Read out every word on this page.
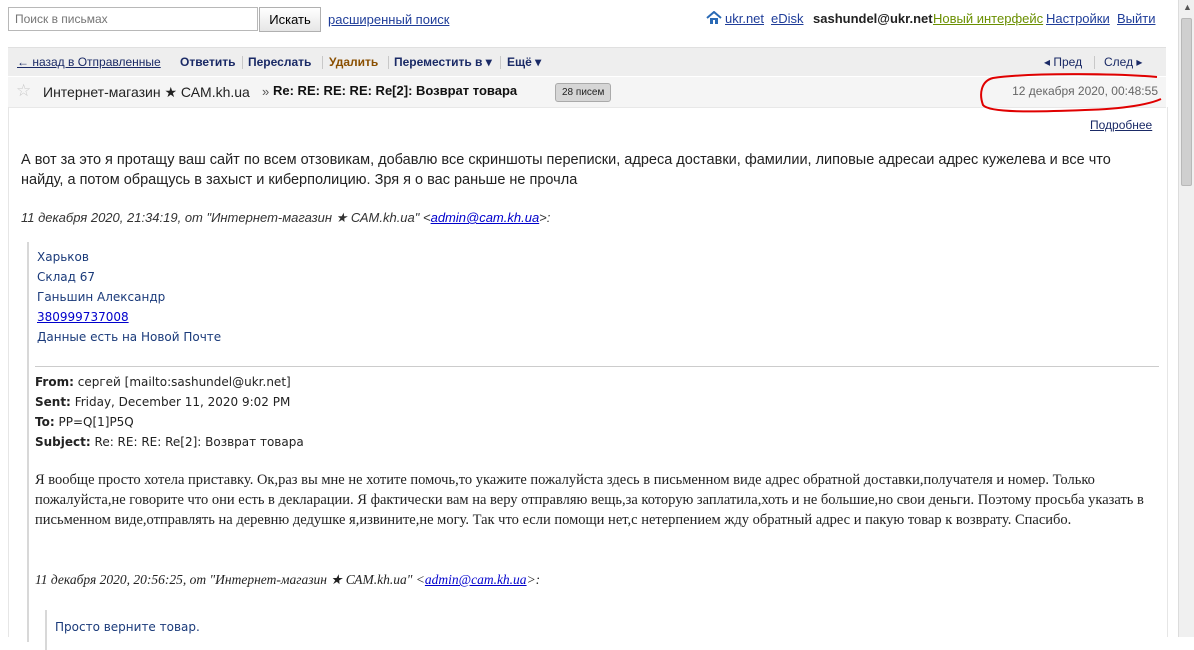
Поиск в письмах
Искать	расширенный поиск	ukr.net eDisk sashundel@ukr.net Новый интерфейс Настройки Выйти
← назад в Отправленные Ответить Переслать Удалить Переместить в ▾ Ещё ▾	◂ Пред След ▸
☆ Интернет-магазин ★ САМ.kh.ua » Re: RE: RE: RE: Re[2]: Возврат товара	28 писем	12 декабря 2020, 00:48:55
Подробнее
А вот за это я протащу ваш сайт по всем отзовикам, добавлю все скриншоты переписки, адреса доставки, фамилии, липовые адресаи адрес кужелева и все что найду, а потом обращусь в захыст и киберполицию. Зря я о вас раньше не прочла
11 декабря 2020, 21:34:19, от "Интернет-магазин ★ САМ.kh.ua" <admin@cam.kh.ua>:
Харьков
Склад 67
Ганьшин Александр
380999737008
Данные есть на Новой Почте
From: сергей [mailto:sashundel@ukr.net]
Sent: Friday, December 11, 2020 9:02 PM
To: PP=Q[1]P5Q
Subject: Re: RE: RE: Re[2]: Возврат товара
Я вообще просто хотела приставку. Ок,раз вы мне не хотите помочь,то укажите пожалуйста здесь в письменном виде адрес обратной доставки,получателя и номер. Только пожалуйста,не говорите что они есть в декларации. Я фактически вам на веру отправляю вещь,за которую заплатила,хоть и не большие,но свои деньги. Поэтому просьба указать в письменном виде,отправлять на деревню дедушке я,извините,не могу. Так что если помощи нет,с нетерпением жду обратный адрес и пакую товар к возврату. Спасибо.
11 декабря 2020, 20:56:25, от "Интернет-магазин ★ САМ.kh.ua" <admin@cam.kh.ua>:
Просто верните товар.
▲
